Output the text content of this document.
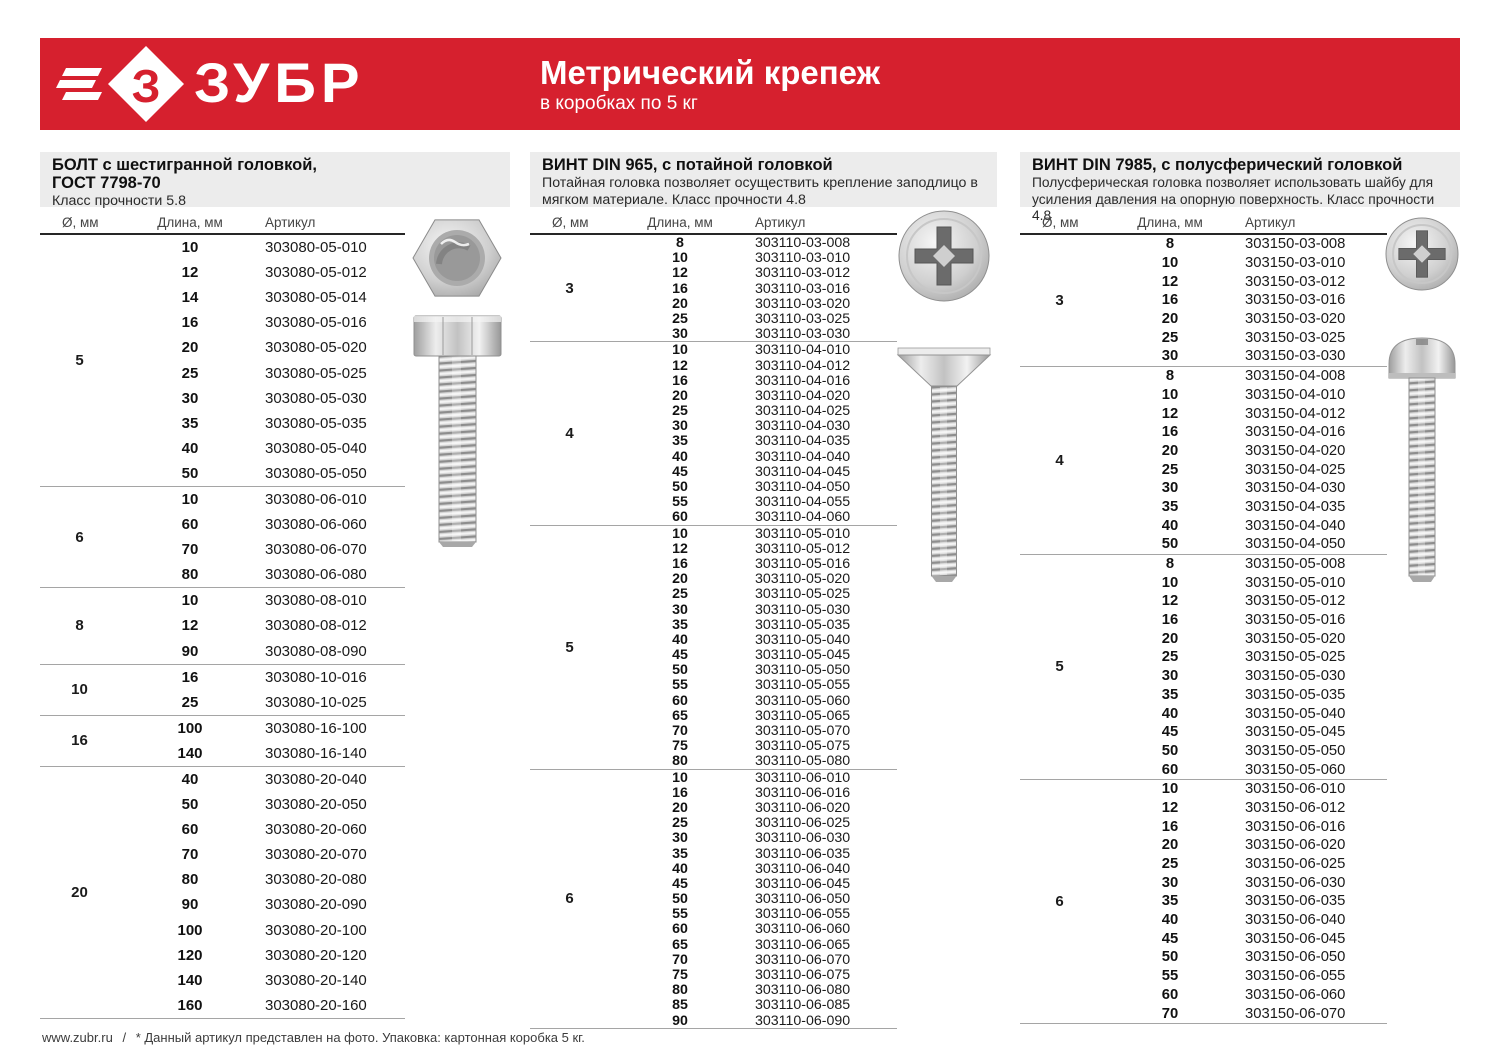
З ЗУБР	Метрический крепеж
в коробках по 5 кг
БОЛТ с шестигранной головкой,
ГОСТ 7798-70
Класс прочности 5.8
Ø, мм	Длина, мм	Артикул
5
10	303080-05-010
12	303080-05-012
14	303080-05-014
16	303080-05-016
20	303080-05-020
25	303080-05-025
30	303080-05-030
35	303080-05-035
40	303080-05-040
50	303080-05-050
6
10	303080-06-010
60	303080-06-060
70	303080-06-070
80	303080-06-080
8
10	303080-08-010
12	303080-08-012
90	303080-08-090
10
16	303080-10-016
25	303080-10-025
16
100	303080-16-100
140	303080-16-140
20
40	303080-20-040
50	303080-20-050
60	303080-20-060
70	303080-20-070
80	303080-20-080
90	303080-20-090
100	303080-20-100
120	303080-20-120
140	303080-20-140
160	303080-20-160
ВИНТ DIN 965, с потайной головкой
Потайная головка позволяет осуществить крепление заподлицо в мягком материале. Класс прочности 4.8
Ø, мм	Длина, мм	Артикул
3
8	303110-03-008
10	303110-03-010
12	303110-03-012
16	303110-03-016
20	303110-03-020
25	303110-03-025
30	303110-03-030
4
10	303110-04-010
12	303110-04-012
16	303110-04-016
20	303110-04-020
25	303110-04-025
30	303110-04-030
35	303110-04-035
40	303110-04-040
45	303110-04-045
50	303110-04-050
55	303110-04-055
60	303110-04-060
5
10	303110-05-010
12	303110-05-012
16	303110-05-016
20	303110-05-020
25	303110-05-025
30	303110-05-030
35	303110-05-035
40	303110-05-040
45	303110-05-045
50	303110-05-050
55	303110-05-055
60	303110-05-060
65	303110-05-065
70	303110-05-070
75	303110-05-075
80	303110-05-080
6
10	303110-06-010
16	303110-06-016
20	303110-06-020
25	303110-06-025
30	303110-06-030
35	303110-06-035
40	303110-06-040
45	303110-06-045
50	303110-06-050
55	303110-06-055
60	303110-06-060
65	303110-06-065
70	303110-06-070
75	303110-06-075
80	303110-06-080
85	303110-06-085
90	303110-06-090
ВИНТ DIN 7985, с полусферический головкой
Полусферическая головка позволяет использовать шайбу для усиления давления на опорную поверхность. Класс прочности 4.8
Ø, мм	Длина, мм	Артикул
3
8	303150-03-008
10	303150-03-010
12	303150-03-012
16	303150-03-016
20	303150-03-020
25	303150-03-025
30	303150-03-030
4
8	303150-04-008
10	303150-04-010
12	303150-04-012
16	303150-04-016
20	303150-04-020
25	303150-04-025
30	303150-04-030
35	303150-04-035
40	303150-04-040
50	303150-04-050
5
8	303150-05-008
10	303150-05-010
12	303150-05-012
16	303150-05-016
20	303150-05-020
25	303150-05-025
30	303150-05-030
35	303150-05-035
40	303150-05-040
45	303150-05-045
50	303150-05-050
60	303150-05-060
6
10	303150-06-010
12	303150-06-012
16	303150-06-016
20	303150-06-020
25	303150-06-025
30	303150-06-030
35	303150-06-035
40	303150-06-040
45	303150-06-045
50	303150-06-050
55	303150-06-055
60	303150-06-060
70	303150-06-070
www.zubr.ru / * Данный артикул представлен на фото. Упаковка: картонная коробка 5 кг.
